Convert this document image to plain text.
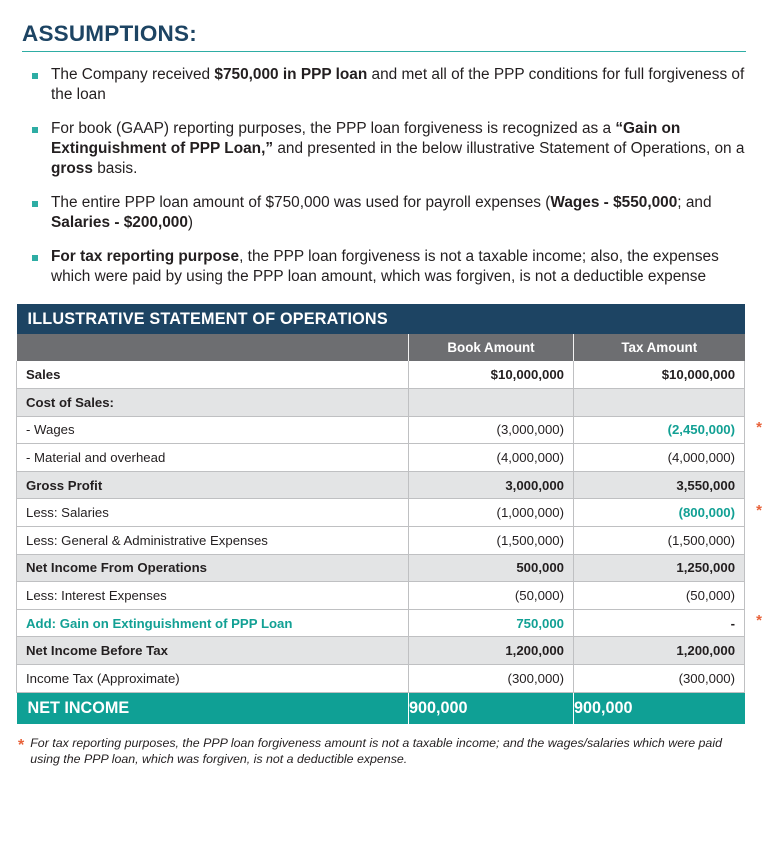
ASSUMPTIONS:
The Company received $750,000 in PPP loan and met all of the PPP conditions for full forgiveness of the loan
For book (GAAP) reporting purposes, the PPP loan forgiveness is recognized as a “Gain on Extinguishment of PPP Loan,” and presented in the below illustrative Statement of Operations, on a gross basis.
The entire PPP loan amount of $750,000 was used for payroll expenses (Wages - $550,000; and Salaries - $200,000)
For tax reporting purpose, the PPP loan forgiveness is not a taxable income; also, the expenses which were paid by using the PPP loan amount, which was forgiven, is not a deductible expense
ILLUSTRATIVE STATEMENT OF OPERATIONS		
	Book Amount	Tax Amount
Sales	$10,000,000	$10,000,000
Cost of Sales:		
- Wages	(3,000,000)	(2,450,000)
- Material and overhead	(4,000,000)	(4,000,000)
Gross Profit	3,000,000	3,550,000
Less: Salaries	(1,000,000)	(800,000)
Less: General & Administrative Expenses	(1,500,000)	(1,500,000)
Net Income From Operations	500,000	1,250,000
Less: Interest Expenses	(50,000)	(50,000)
Add: Gain on Extinguishment of PPP Loan	750,000	-
Net Income Before Tax	1,200,000	1,200,000
Income Tax (Approximate)	(300,000)	(300,000)
NET INCOME	900,000	900,000
*
*
*
* For tax reporting purposes, the PPP loan forgiveness amount is not a taxable income; and the wages/salaries which were paid using the PPP loan, which was forgiven, is not a deductible expense.
